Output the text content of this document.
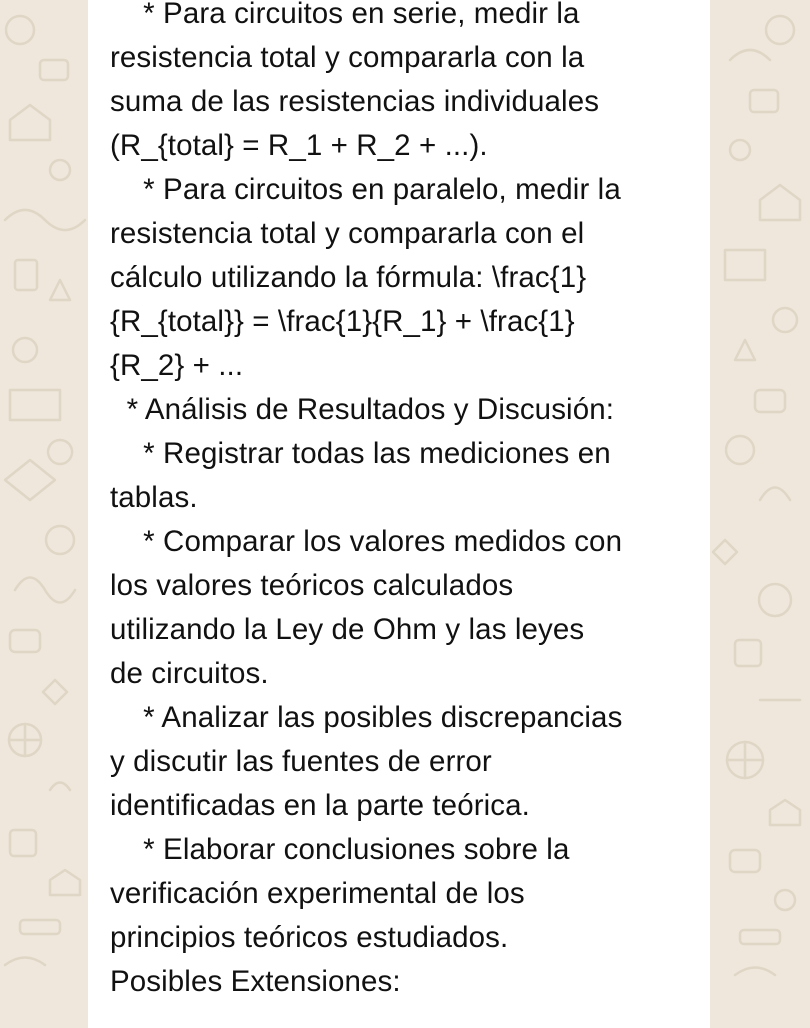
* Para circuitos en serie, medir la
resistencia total y compararla con la
suma de las resistencias individuales
(R_{total} = R_1 + R_2 + ...).
* Para circuitos en paralelo, medir la
resistencia total y compararla con el
cálculo utilizando la fórmula: \frac{1}
{R_{total}} = \frac{1}{R_1} + \frac{1}
{R_2} + ...
* Análisis de Resultados y Discusión:
* Registrar todas las mediciones en
tablas.
* Comparar los valores medidos con
los valores teóricos calculados
utilizando la Ley de Ohm y las leyes
de circuitos.
* Analizar las posibles discrepancias
y discutir las fuentes de error
identificadas en la parte teórica.
* Elaborar conclusiones sobre la
verificación experimental de los
principios teóricos estudiados.
Posibles Extensiones:
